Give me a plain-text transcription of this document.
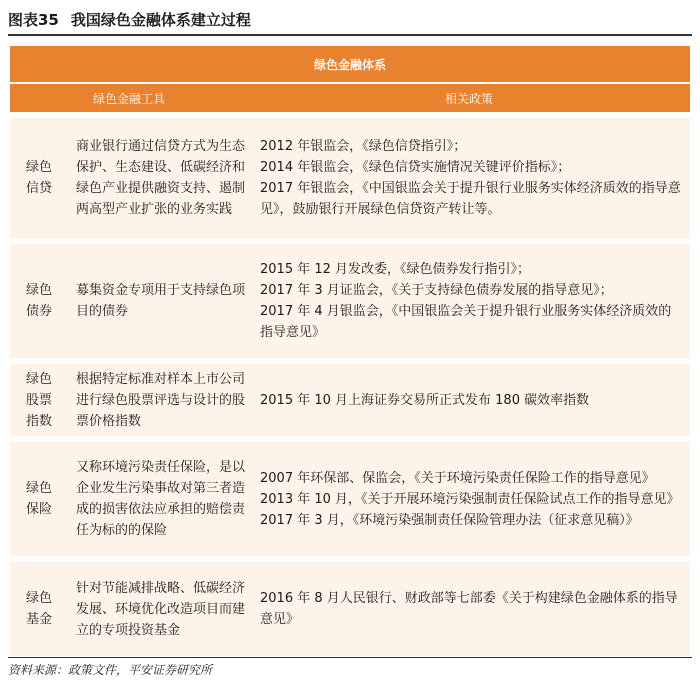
图表35 我国绿色金融体系建立过程
绿色金融体系
绿色金融工具	相关政策
绿色信贷
商业银行通过信贷方式为生态保护、生态建设、低碳经济和绿色产业提供融资支持、遏制两高型产业扩张的业务实践
2012 年银监会，《绿色信贷指引》；
2014 年银监会，《绿色信贷实施情况关键评价指标》；
2017 年银监会，《中国银监会关于提升银行业服务实体经济质效的指导意见》，鼓励银行开展绿色信贷资产转让等。
绿色债券
募集资金专项用于支持绿色项目的债券
2015 年 12 月发改委，《绿色债券发行指引》；
2017 年 3 月证监会，《关于支持绿色债券发展的指导意见》；
2017 年 4 月银监会，《中国银监会关于提升银行业服务实体经济质效的指导意见》
绿色股票指数
根据特定标准对样本上市公司进行绿色股票评选与设计的股票价格指数
2015 年 10 月上海证券交易所正式发布 180 碳效率指数
绿色保险
又称环境污染责任保险，是以企业发生污染事故对第三者造成的损害依法应承担的赔偿责任为标的的保险
2007 年环保部、保监会，《关于环境污染责任保险工作的指导意见》
2013 年 10 月，《关于开展环境污染强制责任保险试点工作的指导意见》
2017 年 3 月，《环境污染强制责任保险管理办法（征求意见稿）》
绿色基金
针对节能减排战略、低碳经济发展、环境优化改造项目而建立的专项投资基金
2016 年 8 月人民银行、财政部等七部委《关于构建绿色金融体系的指导意见》
资料来源：政策文件，平安证券研究所
